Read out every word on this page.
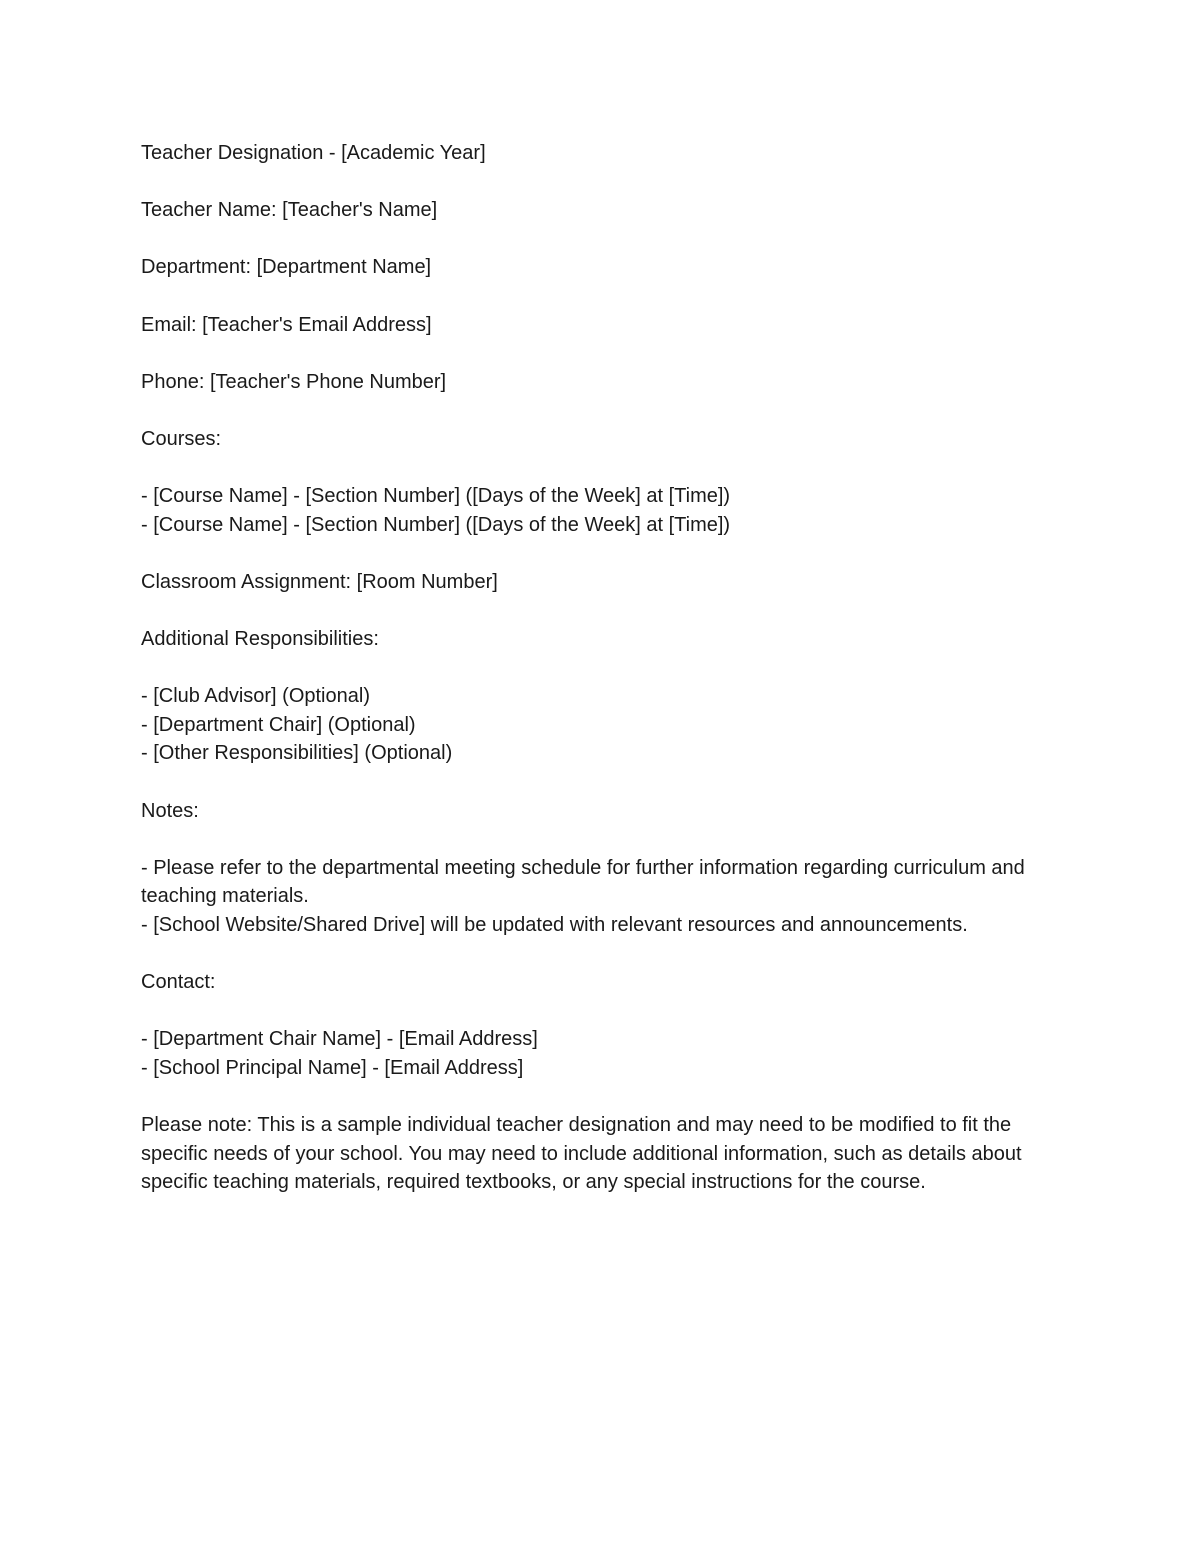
Teacher Designation - [Academic Year]

Teacher Name: [Teacher's Name]

Department: [Department Name]

Email: [Teacher's Email Address]

Phone: [Teacher's Phone Number]

Courses:

- [Course Name] - [Section Number] ([Days of the Week] at [Time])
- [Course Name] - [Section Number] ([Days of the Week] at [Time])

Classroom Assignment: [Room Number]

Additional Responsibilities:

- [Club Advisor] (Optional)
- [Department Chair] (Optional)
- [Other Responsibilities] (Optional)

Notes:

- Please refer to the departmental meeting schedule for further information regarding curriculum and teaching materials.
- [School Website/Shared Drive] will be updated with relevant resources and announcements.

Contact:

- [Department Chair Name] - [Email Address]
- [School Principal Name] - [Email Address]

Please note: This is a sample individual teacher designation and may need to be modified to fit the specific needs of your school. You may need to include additional information, such as details about specific teaching materials, required textbooks, or any special instructions for the course.
